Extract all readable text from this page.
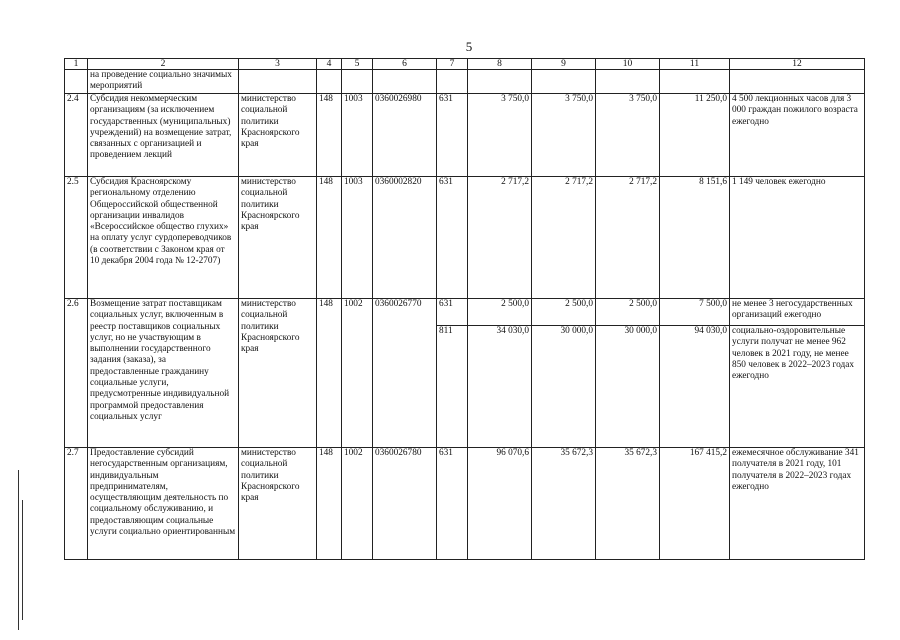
5
1	2	3	4	5	6	7	8	9	10	11	12
	на проведение социально значимых мероприятий										
2.4	Субсидия некоммерческим организациям (за исключением государственных (муниципальных) учреждений) на возмещение затрат, связанных с организацией и проведением лекций	министерство социальной политики Красноярского края	148	1003	0360026980	631	3 750,0	3 750,0	3 750,0	11 250,0	4 500 лекционных часов для 3 000 граждан пожилого возраста ежегодно
2.5	Субсидия Красноярскому региональному отделению Общероссийской общественной организации инвалидов «Всероссийское общество глухих» на оплату услуг сурдопереводчиков (в соответствии с Законом края от 10 декабря 2004 года № 12-2707)	министерство социальной политики Красноярского края	148	1003	0360002820	631	2 717,2	2 717,2	2 717,2	8 151,6	1 149 человек ежегодно
2.6	Возмещение затрат поставщикам социальных услуг, включенным в реестр поставщиков социальных услуг, но не участвующим в выполнении государственного задания (заказа), за предоставленные гражданину социальные услуги, предусмотренные индивидуальной программой предоставления социальных услуг	министерство социальной политики Красноярского края	148	1002	0360026770	631	2 500,0	2 500,0	2 500,0	7 500,0	не менее 3 негосударственных организаций ежегодно
						811	34 030,0	30 000,0	30 000,0	94 030,0	социально-оздоровительные услуги получат не менее 962 человек в 2021 году, не менее 850 человек в 2022–2023 годах ежегодно
2.7	Предоставление субсидий негосударственным организациям, индивидуальным предпринимателям, осуществляющим деятельность по социальному обслуживанию, и предоставляющим социальные услуги социально ориентированным	министерство социальной политики Красноярского края	148	1002	0360026780	631	96 070,6	35 672,3	35 672,3	167 415,2	ежемесячное обслуживание 341 получателя в 2021 году, 101 получателя в 2022–2023 годах ежегодно
